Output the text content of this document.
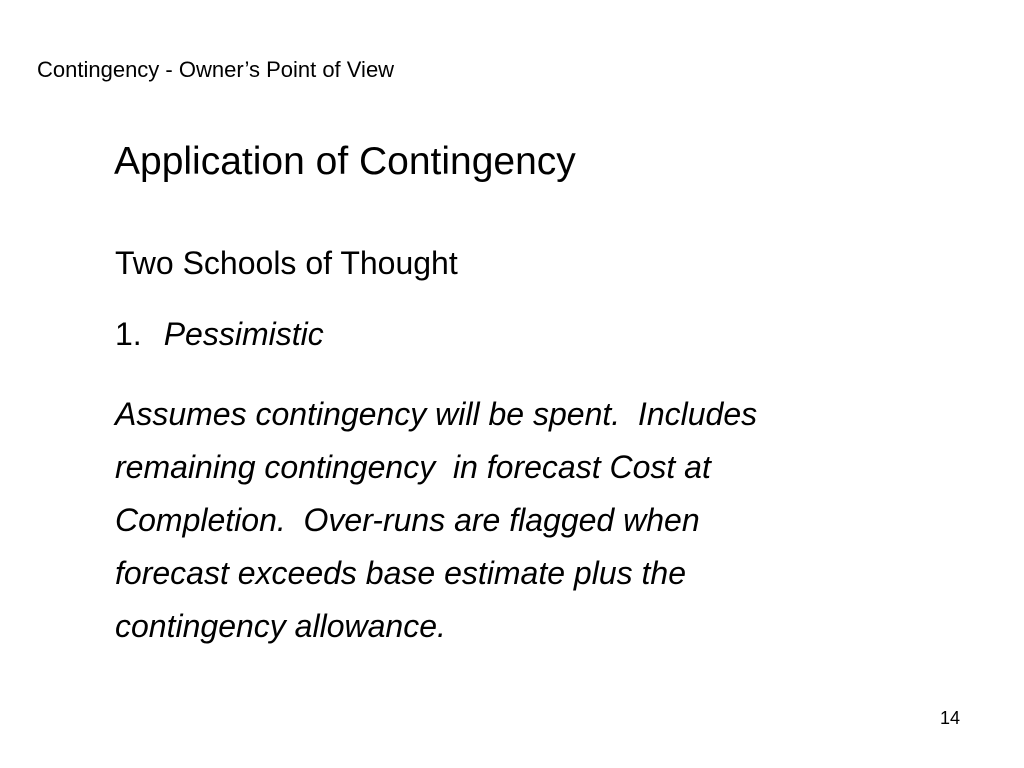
Contingency - Owner’s Point of View
Application of Contingency
Two Schools of Thought
1. Pessimistic
Assumes contingency will be spent.  Includes
remaining contingency  in forecast Cost at
Completion.  Over-runs are flagged when
forecast exceeds base estimate plus the
contingency allowance.
14
